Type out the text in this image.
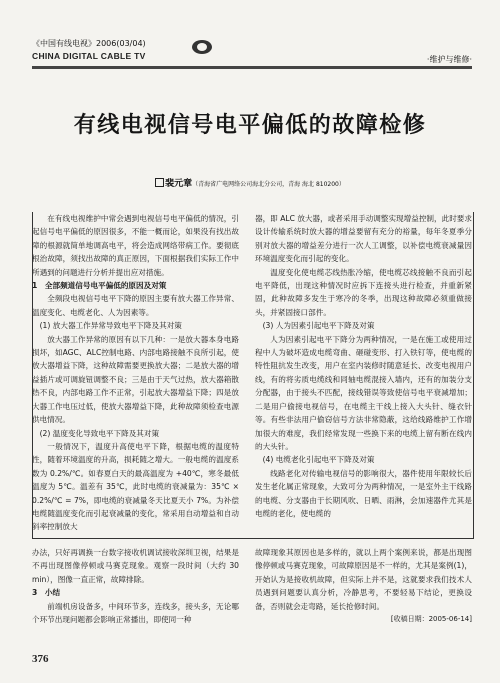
《中国有线电视》2006(03/04)
CHINA DIGITAL CABLE TV	·维护与维修·
有线电视信号电平偏低的故障检修
裴元章（青海省广电网络公司海北分公司，青海 海北 810200）

在有线电视维护中常会遇到电视信号电平偏低的情况，引起信号电平偏低的原因很多，不能一概而论，如果没有找出故障的根源就简单地调高电平，将会造成网络带病工作。要彻底根治故障，须找出故障的真正原因，下面根据我们实际工作中所遇到的问题进行分析并提出应对措施。

1　全部频道信号电平偏低的原因及对策

全频段电视信号电平下降的原因主要有放大器工作异常、温度变化、电缆老化、人为因素等。

(1) 放大器工作异常导致电平下降及其对策

放大器工作异常的原因有以下几种：一是放大器本身电路损坏，如AGC、ALC控制电路、内部电路接触不良所引起，使放大器增益下降，这种故障需要更换放大器；二是放大器的增益插片或可调旋钮调整不良；三是由于天气过热，放大器箱散热不良，内部电路工作不正常，引起放大器增益下降；四是放大器工作电压过低，使放大器增益下降，此种故障须检查电源供电情况。

(2) 温度变化导致电平下降及其对策

一般情况下，温度升高使电平下降，根据电缆的温度特性，随着环境温度的升高，损耗随之增大。一般电缆的温度系数为 0.2%/℃。如春夏白天的最高温度为 +40℃，寒冬最低温度为 5℃。温差有 35℃，此时电缆的衰减量为：35℃ × 0.2%/℃ = 7%，即电缆的衰减量冬天比夏天小 7%。为补偿电缆随温度变化而引起衰减量的变化，常采用自动增益和自动斜率控制放大

器，即 ALC 放大器，或者采用手动调整实现增益控制，此时要求设计传输系统时放大器的增益要留有充分的裕量，每年冬夏季分别对放大器的增益差分进行一次人工调整，以补偿电缆衰减量因环境温度变化而引起的变化。

温度变化使电缆芯线热胀冷缩，使电缆芯线接触不良而引起电平降低，出现这种情况时应拆下连接头进行检查，并重新紧固，此种故障多发生于寒冷的冬季，出现这种故障必须重做接头，并紧固接口部件。

(3) 人为因素引起电平下降及对策

人为因素引起电平下降分为两种情况，一是在施工或使用过程中人为破坏造成电缆弯曲、砸碰变形、打入铁钉等，使电缆的特性阻抗发生改变，用户在室内装修时随意延长、改变电视用户线，有的将劣质电缆线和同轴电缆混接入墙内，还有的加装分支分配器，由于接头不匹配，接线错误等致使信号电平衰减增加；二是用户偷接电视信号，在电缆主干线上接入大头针、缝衣针等。有些非法用户偷窃信号方法非常隐蔽，这给线路维护工作增加很大的难度，我们经常发现一些换下来的电缆上留有断在线内的大头针。

(4) 电缆老化引起电平下降及对策

线路老化对传输电视信号的影响很大，器件使用年限较长后发生老化属正常现象，大致可分为两种情况，一是室外主干线路的电缆、分支器由于长期风吹、日晒、雨淋，会加速器件尤其是电缆的老化，使电缆的

办法，只好再调换一台数字接收机调试接收深圳卫视，结果是不再出现图像停顿或马赛克现象。观察一段时间（大约 30 min），图像一直正常，故障排除。

3　小结

前端机房设备多，中间环节多，连线多，接头多，无论哪个环节出现问题都会影响正常播出，即使同一种

故障现象其原因也是多样的，就以上两个案例来说，都是出现图像停顿或马赛克现象，可故障原因是不一样的，尤其是案例(1)，开始认为是接收机故障，但实际上并不是，这就要求我们技术人员遇到问题要认真分析，冷静思考，不要轻易下结论，更换设备，否则就会走弯路，延长抢修时间。

[收稿日期：2005-06-14]
376
